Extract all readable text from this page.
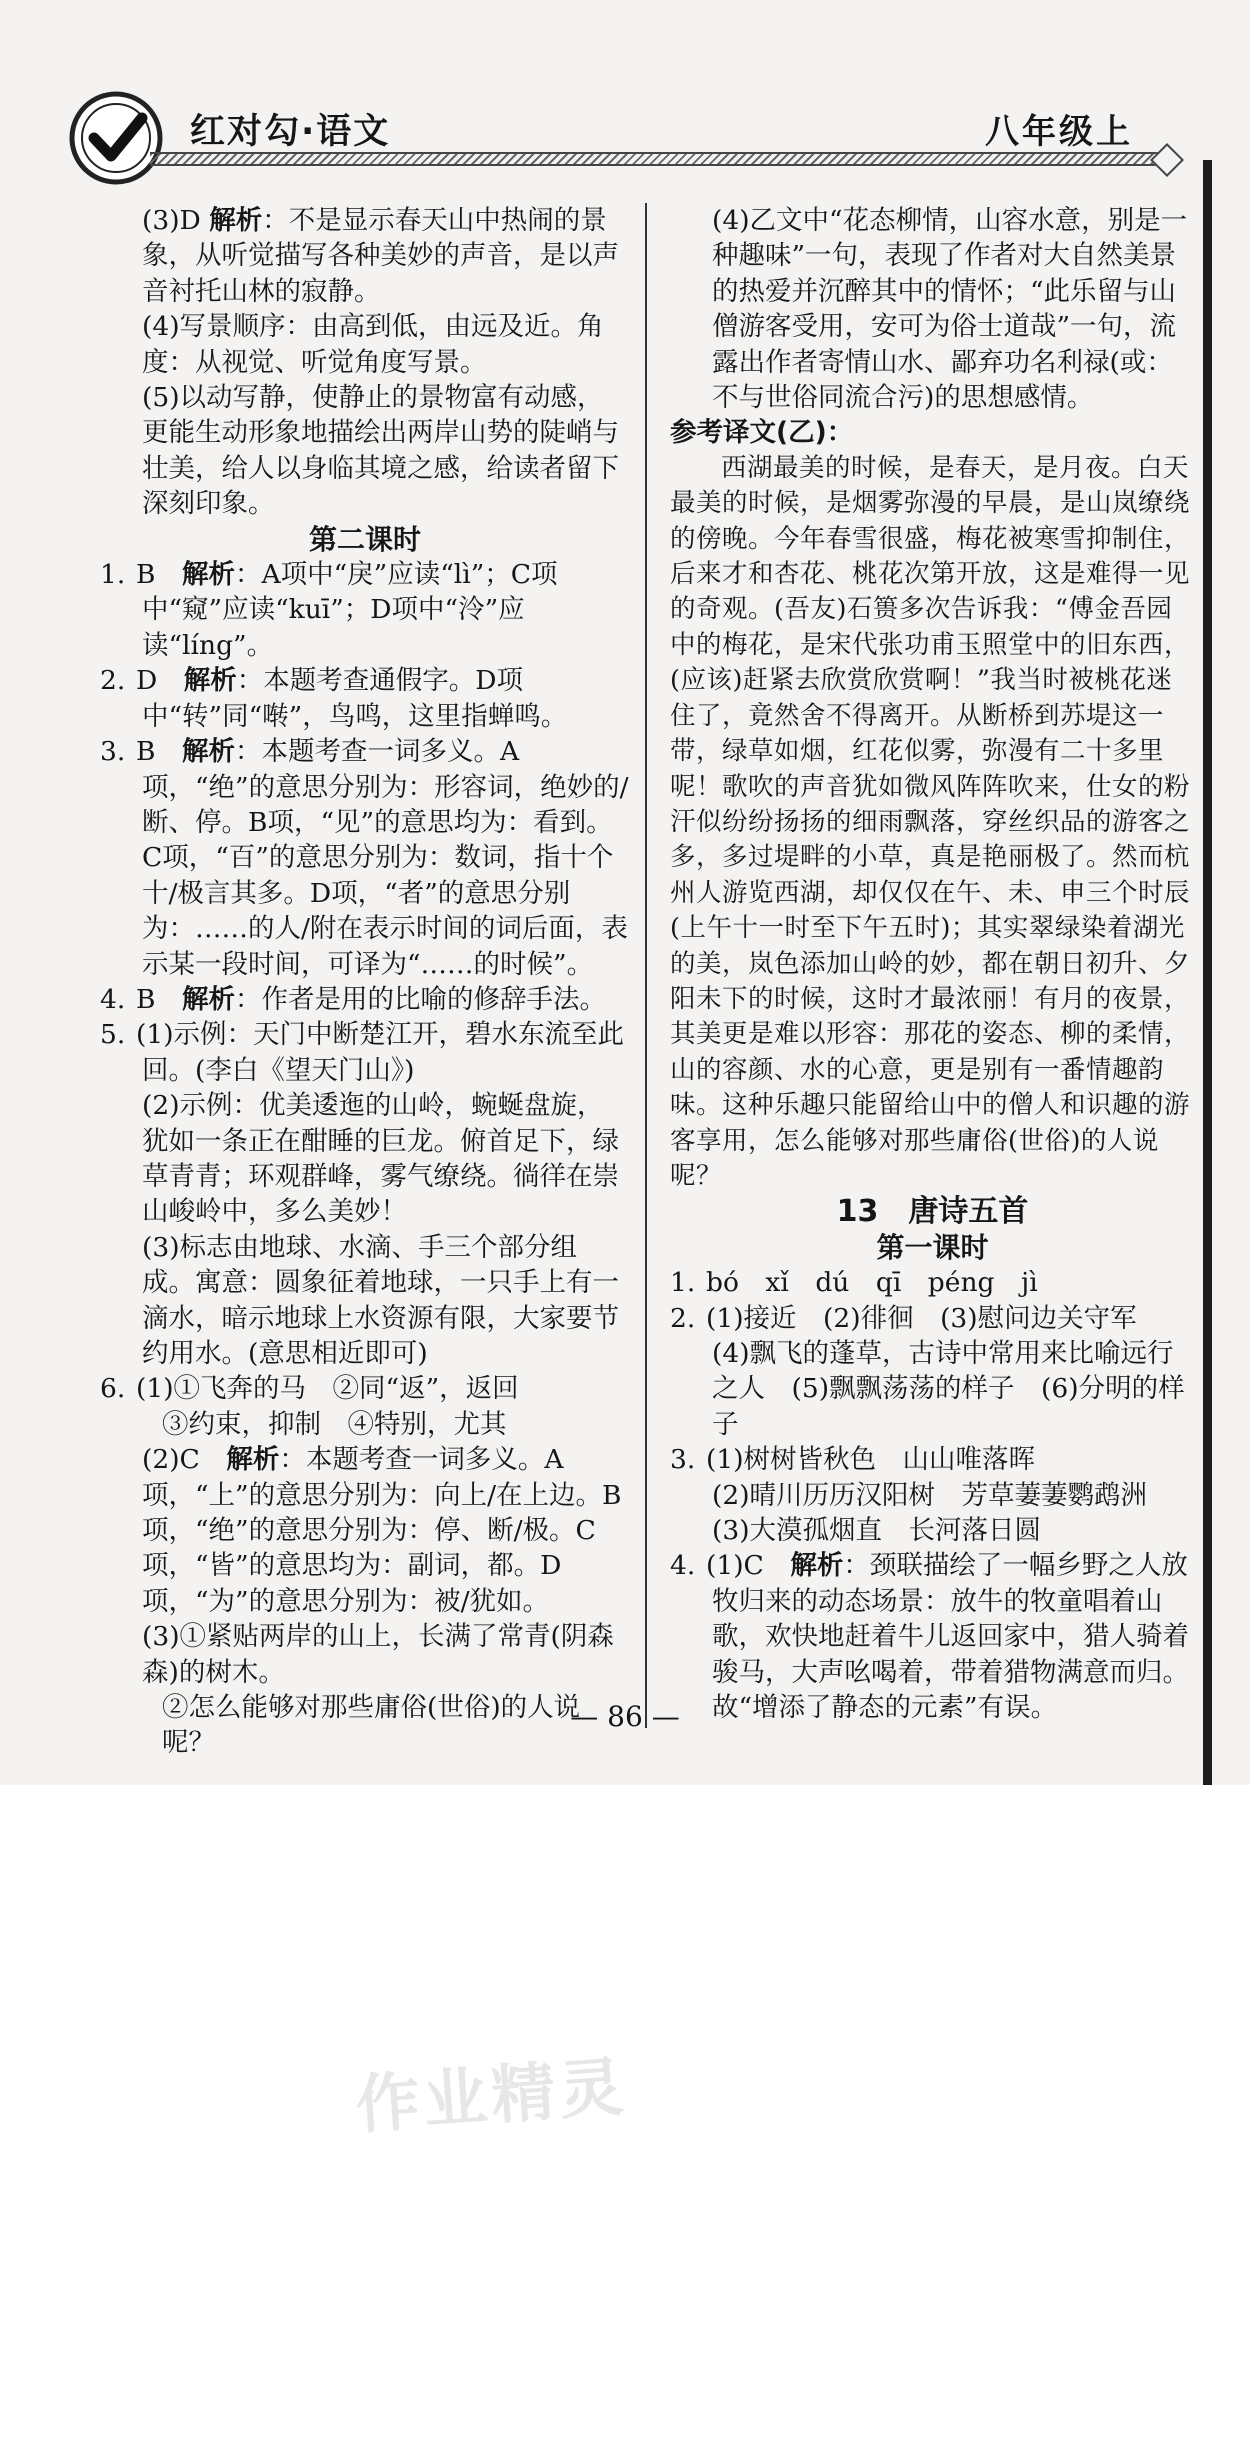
红对勾·语文	八年级上

(3)D 解析：不是显示春天山中热闹的景象，从听觉描写各种美妙的声音，是以声音衬托山林的寂静。

(4)写景顺序：由高到低，由远及近。角度：从视觉、听觉角度写景。

(5)以动写静，使静止的景物富有动感，更能生动形象地描绘出两岸山势的陡峭与壮美，给人以身临其境之感，给读者留下深刻印象。

第二课时

1. B　解析：A项中“戾”应读“lì”；C项中“窥”应读“kuī”；D项中“泠”应读“líng”。

2. D　解析：本题考查通假字。D项中“转”同“啭”，鸟鸣，这里指蝉鸣。

3. B　解析：本题考查一词多义。A项，“绝”的意思分别为：形容词，绝妙的/断、停。B项，“见”的意思均为：看到。C项，“百”的意思分别为：数词，指十个十/极言其多。D项，“者”的意思分别为：……的人/附在表示时间的词后面，表示某一段时间，可译为“……的时候”。

4. B　解析：作者是用的比喻的修辞手法。

5. (1)示例：天门中断楚江开，碧水东流至此回。(李白《望天门山》)

(2)示例：优美逶迤的山岭，蜿蜒盘旋，犹如一条正在酣睡的巨龙。俯首足下，绿草青青；环观群峰，雾气缭绕。徜徉在崇山峻岭中，多么美妙！

(3)标志由地球、水滴、手三个部分组成。寓意：圆象征着地球，一只手上有一滴水，暗示地球上水资源有限，大家要节约用水。(意思相近即可)

6. (1)①飞奔的马　②同“返”，返回

③约束，抑制　④特别，尤其

(2)C　解析：本题考查一词多义。A项，“上”的意思分别为：向上/在上边。B项，“绝”的意思分别为：停、断/极。C项，“皆”的意思均为：副词，都。D项，“为”的意思分别为：被/犹如。

(3)①紧贴两岸的山上，长满了常青(阴森森)的树木。

②怎么能够对那些庸俗(世俗)的人说呢？

(4)乙文中“花态柳情，山容水意，别是一种趣味”一句，表现了作者对大自然美景的热爱并沉醉其中的情怀；“此乐留与山僧游客受用，安可为俗士道哉”一句，流露出作者寄情山水、鄙弃功名利禄(或：不与世俗同流合污)的思想感情。

参考译文(乙)：

西湖最美的时候，是春天，是月夜。白天最美的时候，是烟雾弥漫的早晨，是山岚缭绕的傍晚。今年春雪很盛，梅花被寒雪抑制住，后来才和杏花、桃花次第开放，这是难得一见的奇观。(吾友)石篑多次告诉我：“傅金吾园中的梅花，是宋代张功甫玉照堂中的旧东西，(应该)赶紧去欣赏欣赏啊！”我当时被桃花迷住了，竟然舍不得离开。从断桥到苏堤这一带，绿草如烟，红花似雾，弥漫有二十多里呢！歌吹的声音犹如微风阵阵吹来，仕女的粉汗似纷纷扬扬的细雨飘落，穿丝织品的游客之多，多过堤畔的小草，真是艳丽极了。然而杭州人游览西湖，却仅仅在午、未、申三个时辰(上午十一时至下午五时)；其实翠绿染着湖光的美，岚色添加山岭的妙，都在朝日初升、夕阳未下的时候，这时才最浓丽！有月的夜景，其美更是难以形容：那花的姿态、柳的柔情，山的容颜、水的心意，更是别有一番情趣韵味。这种乐趣只能留给山中的僧人和识趣的游客享用，怎么能够对那些庸俗(世俗)的人说呢？

13　唐诗五首

第一课时

1. bó　xǐ　dú　qī　péng　jì

2. (1)接近　(2)徘徊　(3)慰问边关守军

(4)飘飞的蓬草，古诗中常用来比喻远行之人　(5)飘飘荡荡的样子　(6)分明的样子

3. (1)树树皆秋色　山山唯落晖

(2)晴川历历汉阳树　芳草萋萋鹦鹉洲

(3)大漠孤烟直　长河落日圆

4. (1)C　解析：颈联描绘了一幅乡野之人放牧归来的动态场景：放牛的牧童唱着山歌，欢快地赶着牛儿返回家中，猎人骑着骏马，大声吆喝着，带着猎物满意而归。故“增添了静态的元素”有误。

— 86 —
作业精灵
